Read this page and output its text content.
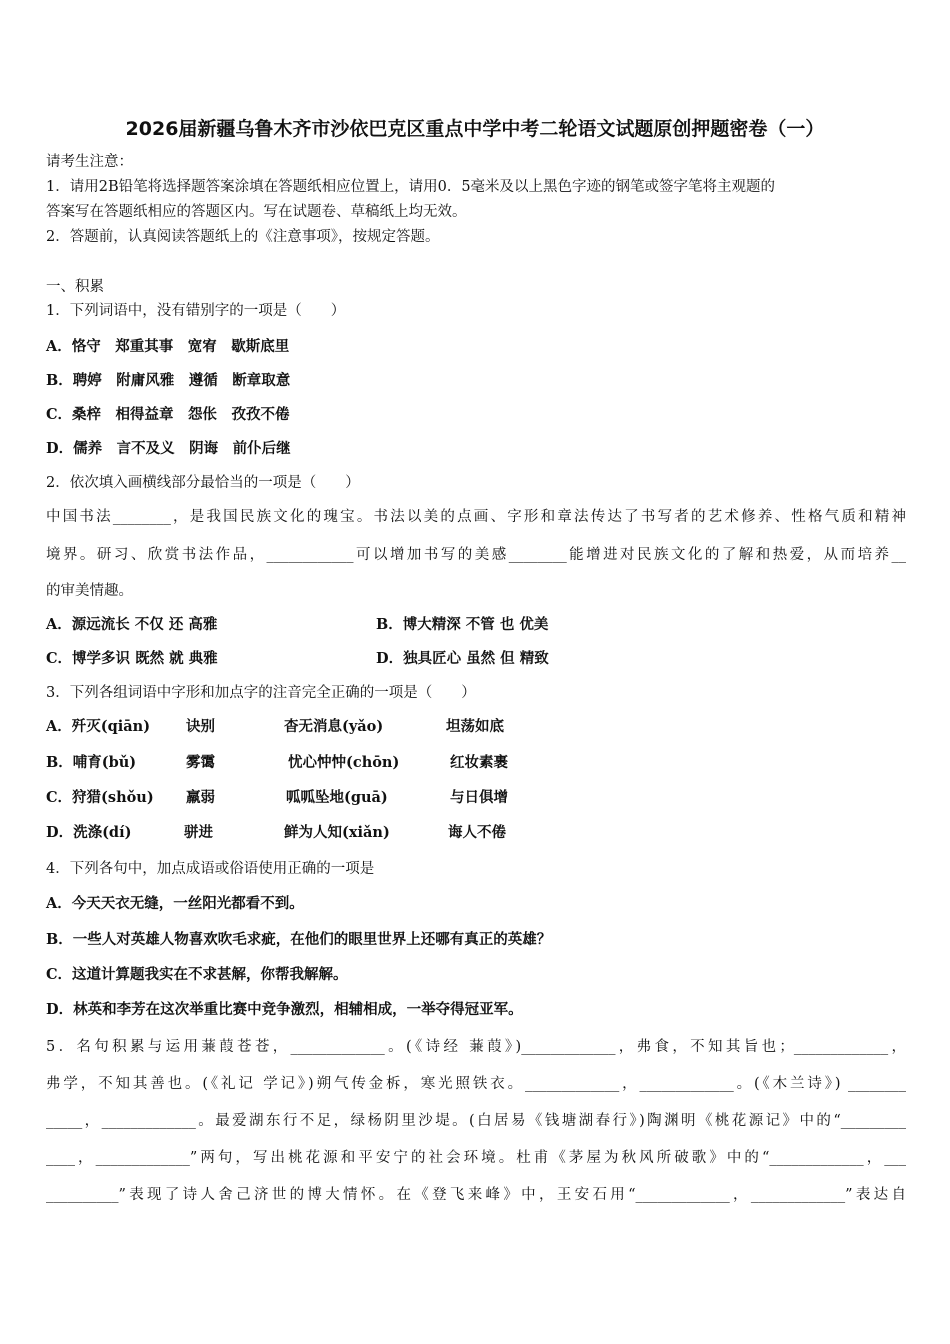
2026届新疆乌鲁木齐市沙依巴克区重点中学中考二轮语文试题原创押题密卷（一）
请考生注意：
1．请用2B铅笔将选择题答案涂填在答题纸相应位置上，请用0．5毫米及以上黑色字迹的钢笔或签字笔将主观题的
答案写在答题纸相应的答题区内。写在试题卷、草稿纸上均无效。
2．答题前，认真阅读答题纸上的《注意事项》，按规定答题。
一、积累
1．下列词语中，没有错别字的一项是（　　）
A．恪守　郑重其事　宽宥　歇斯底里
B．聘婷　附庸风雅　遵循　断章取意
C．桑梓　相得益章　怨伥　孜孜不倦
D．儒养　言不及义　阴诲　前仆后继
2．依次填入画横线部分最恰当的一项是（　　）
中国书法________，是我国民族文化的瑰宝。书法以美的点画、字形和章法传达了书写者的艺术修养、性格气质和精神
境界。研习、欣赏书法作品，____________可以增加书写的美感________能增进对民族文化的了解和热爱，从而培养__
的审美情趣。
A．源远流长 不仅 还 高雅	B．博大精深 不管 也 优美
C．博学多识 既然 就 典雅	D．独具匠心 虽然 但 精致
3．下列各组词语中字形和加点字的注音完全正确的一项是（　　）
A．歼灭(qiān) 诀别	杳无消息(yǎo)	坦荡如底
B．哺育(bǔ)	雾霭	忧心忡忡(chōn)	红妆素裹
C．狩猎(shǒu) 羸弱	呱呱坠地(guā)	与日俱增
D．洗涤(dí)	骈进	鲜为人知(xiǎn)	诲人不倦
4．下列各句中，加点成语或俗语使用正确的一项是
A．今天天衣无缝，一丝阳光都看不到。
B．一些人对英雄人物喜欢吹毛求疵，在他们的眼里世界上还哪有真正的英雄？
C．这道计算题我实在不求甚解，你帮我解解。
D．林英和李芳在这次举重比赛中竞争激烈，相辅相成，一举夺得冠亚军。
5．名句积累与运用蒹葭苍苍，_____________。(《诗经 蒹葭》)_____________，弗食，不知其旨也；_____________，
弗学，不知其善也。(《礼记 学记》)朔气传金柝，寒光照铁衣。_____________，_____________。(《木兰诗》) ________
_____，_____________。最爱湖东行不足，绿杨阴里沙堤。(白居易《钱塘湖春行》)陶渊明《桃花源记》中的“_________
____，_____________”两句，写出桃花源和平安宁的社会环境。杜甫《茅屋为秋风所破歌》中的“_____________，___
__________”表现了诗人舍己济世的博大情怀。在《登飞来峰》中，王安石用“_____________，_____________”表达自
